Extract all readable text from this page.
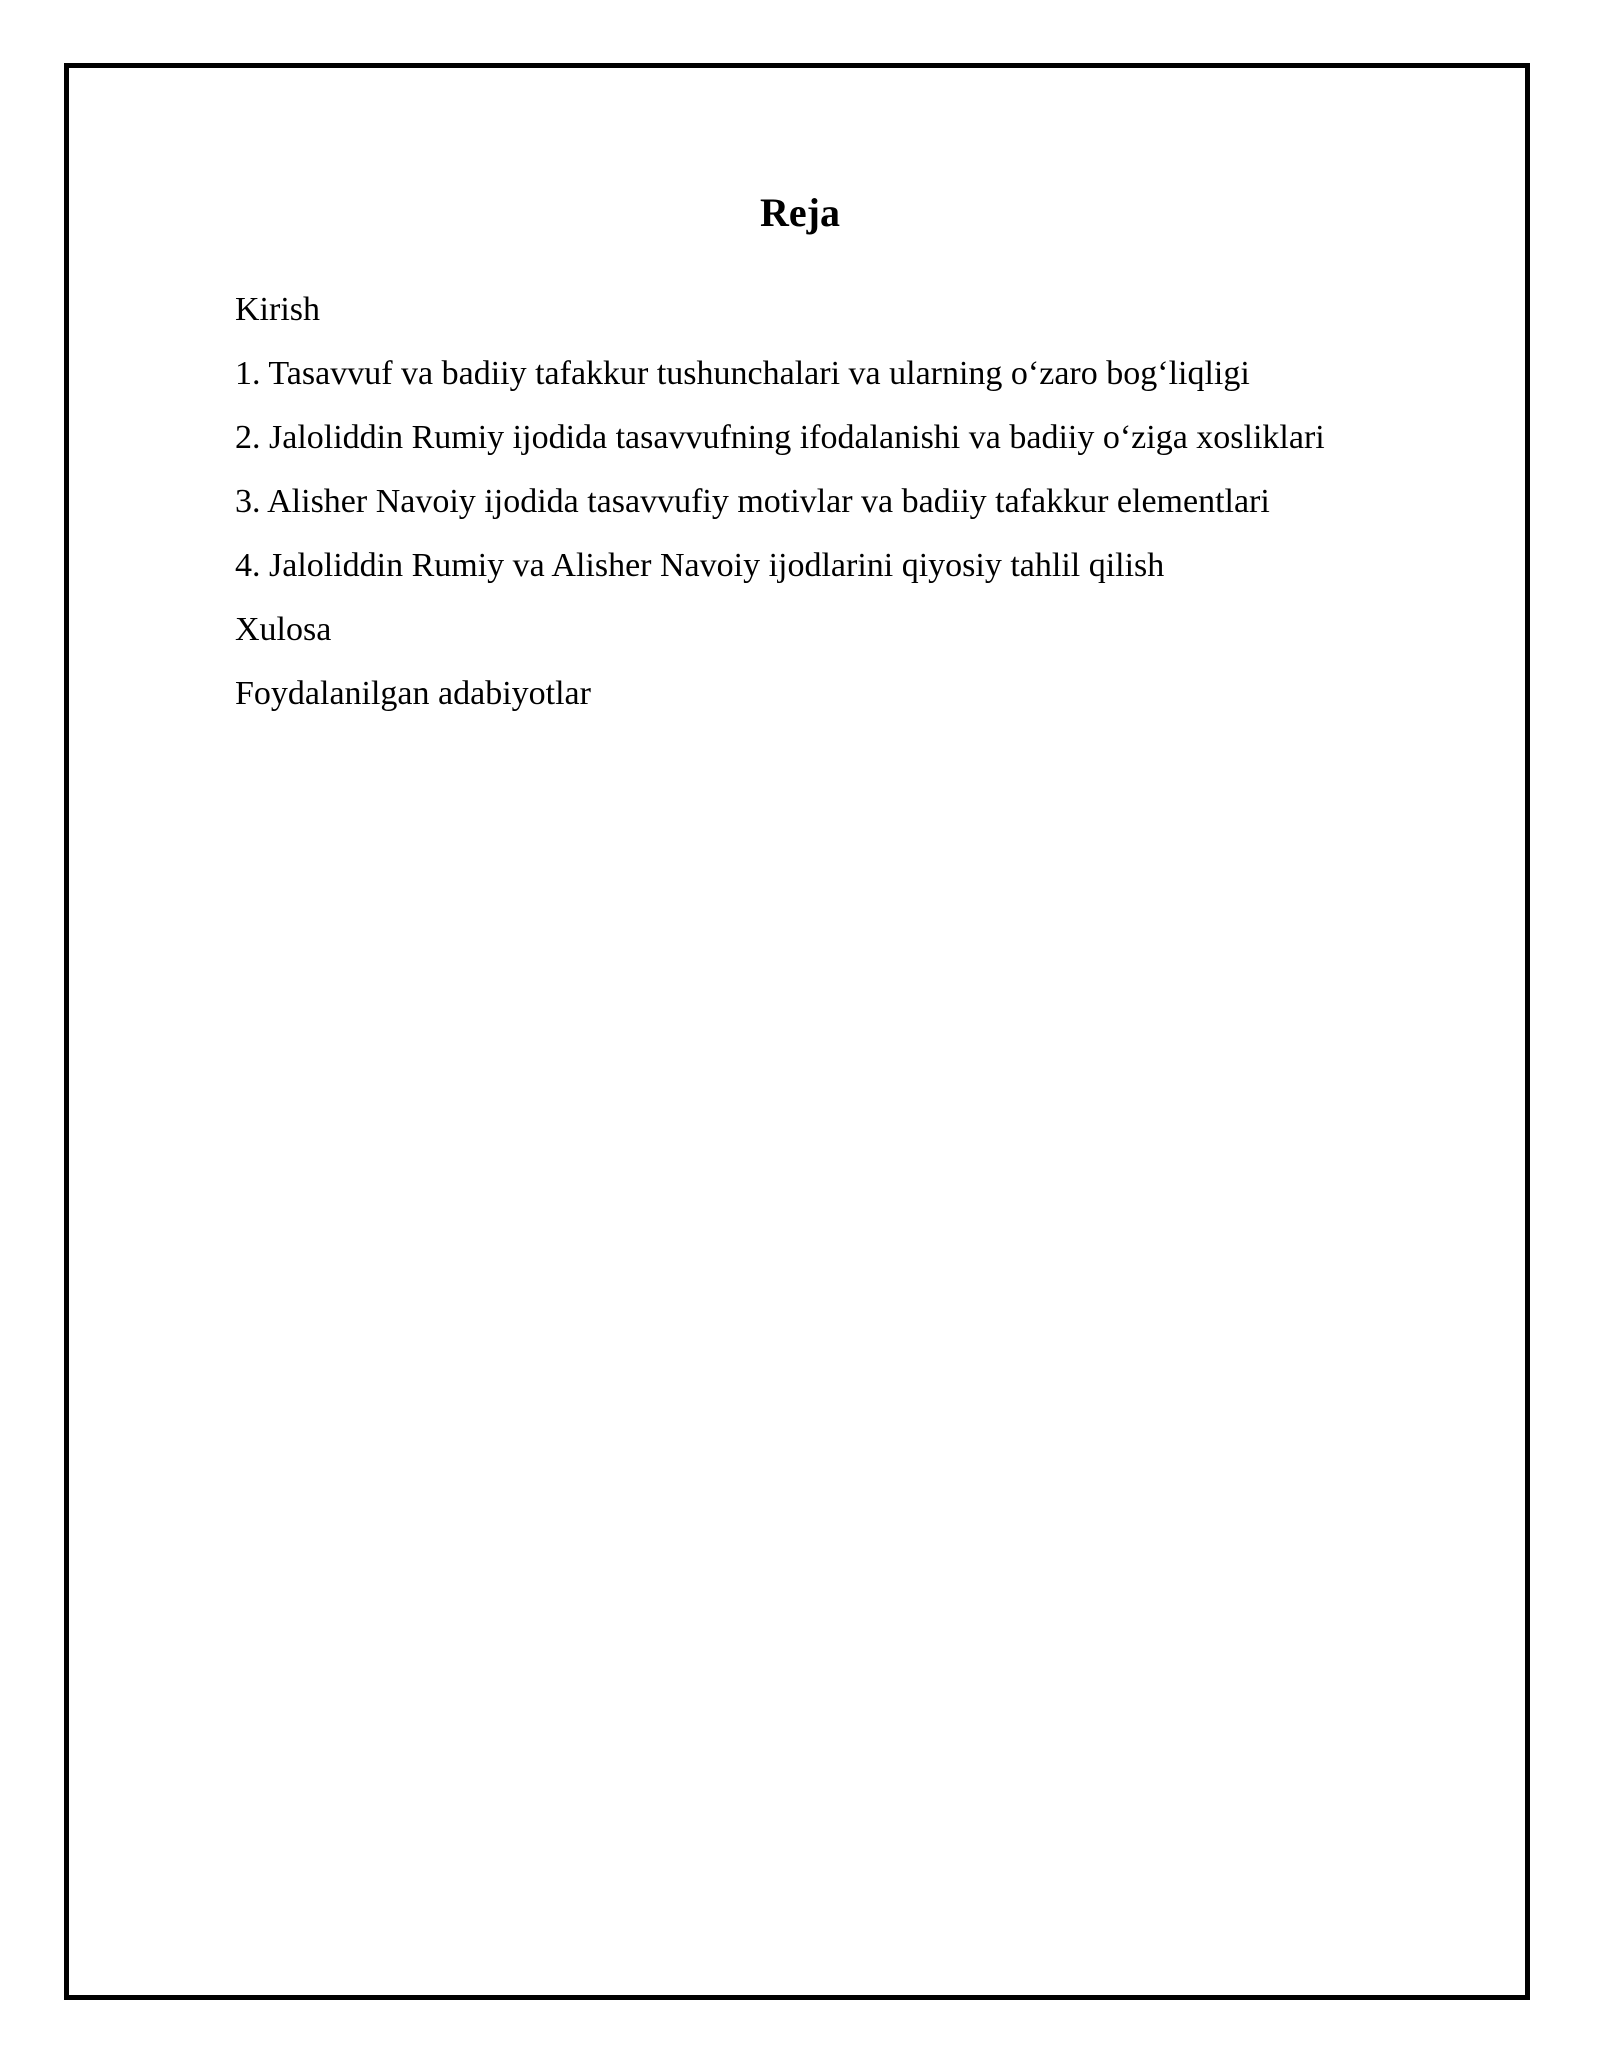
Reja
Kirish
1. Tasavvuf va badiiy tafakkur tushunchalari va ularning o‘zaro bog‘liqligi
2. Jaloliddin Rumiy ijodida tasavvufning ifodalanishi va badiiy o‘ziga xosliklari
3. Alisher Navoiy ijodida tasavvufiy motivlar va badiiy tafakkur elementlari
4. Jaloliddin Rumiy va Alisher Navoiy ijodlarini qiyosiy tahlil qilish
Xulosa
Foydalanilgan adabiyotlar
